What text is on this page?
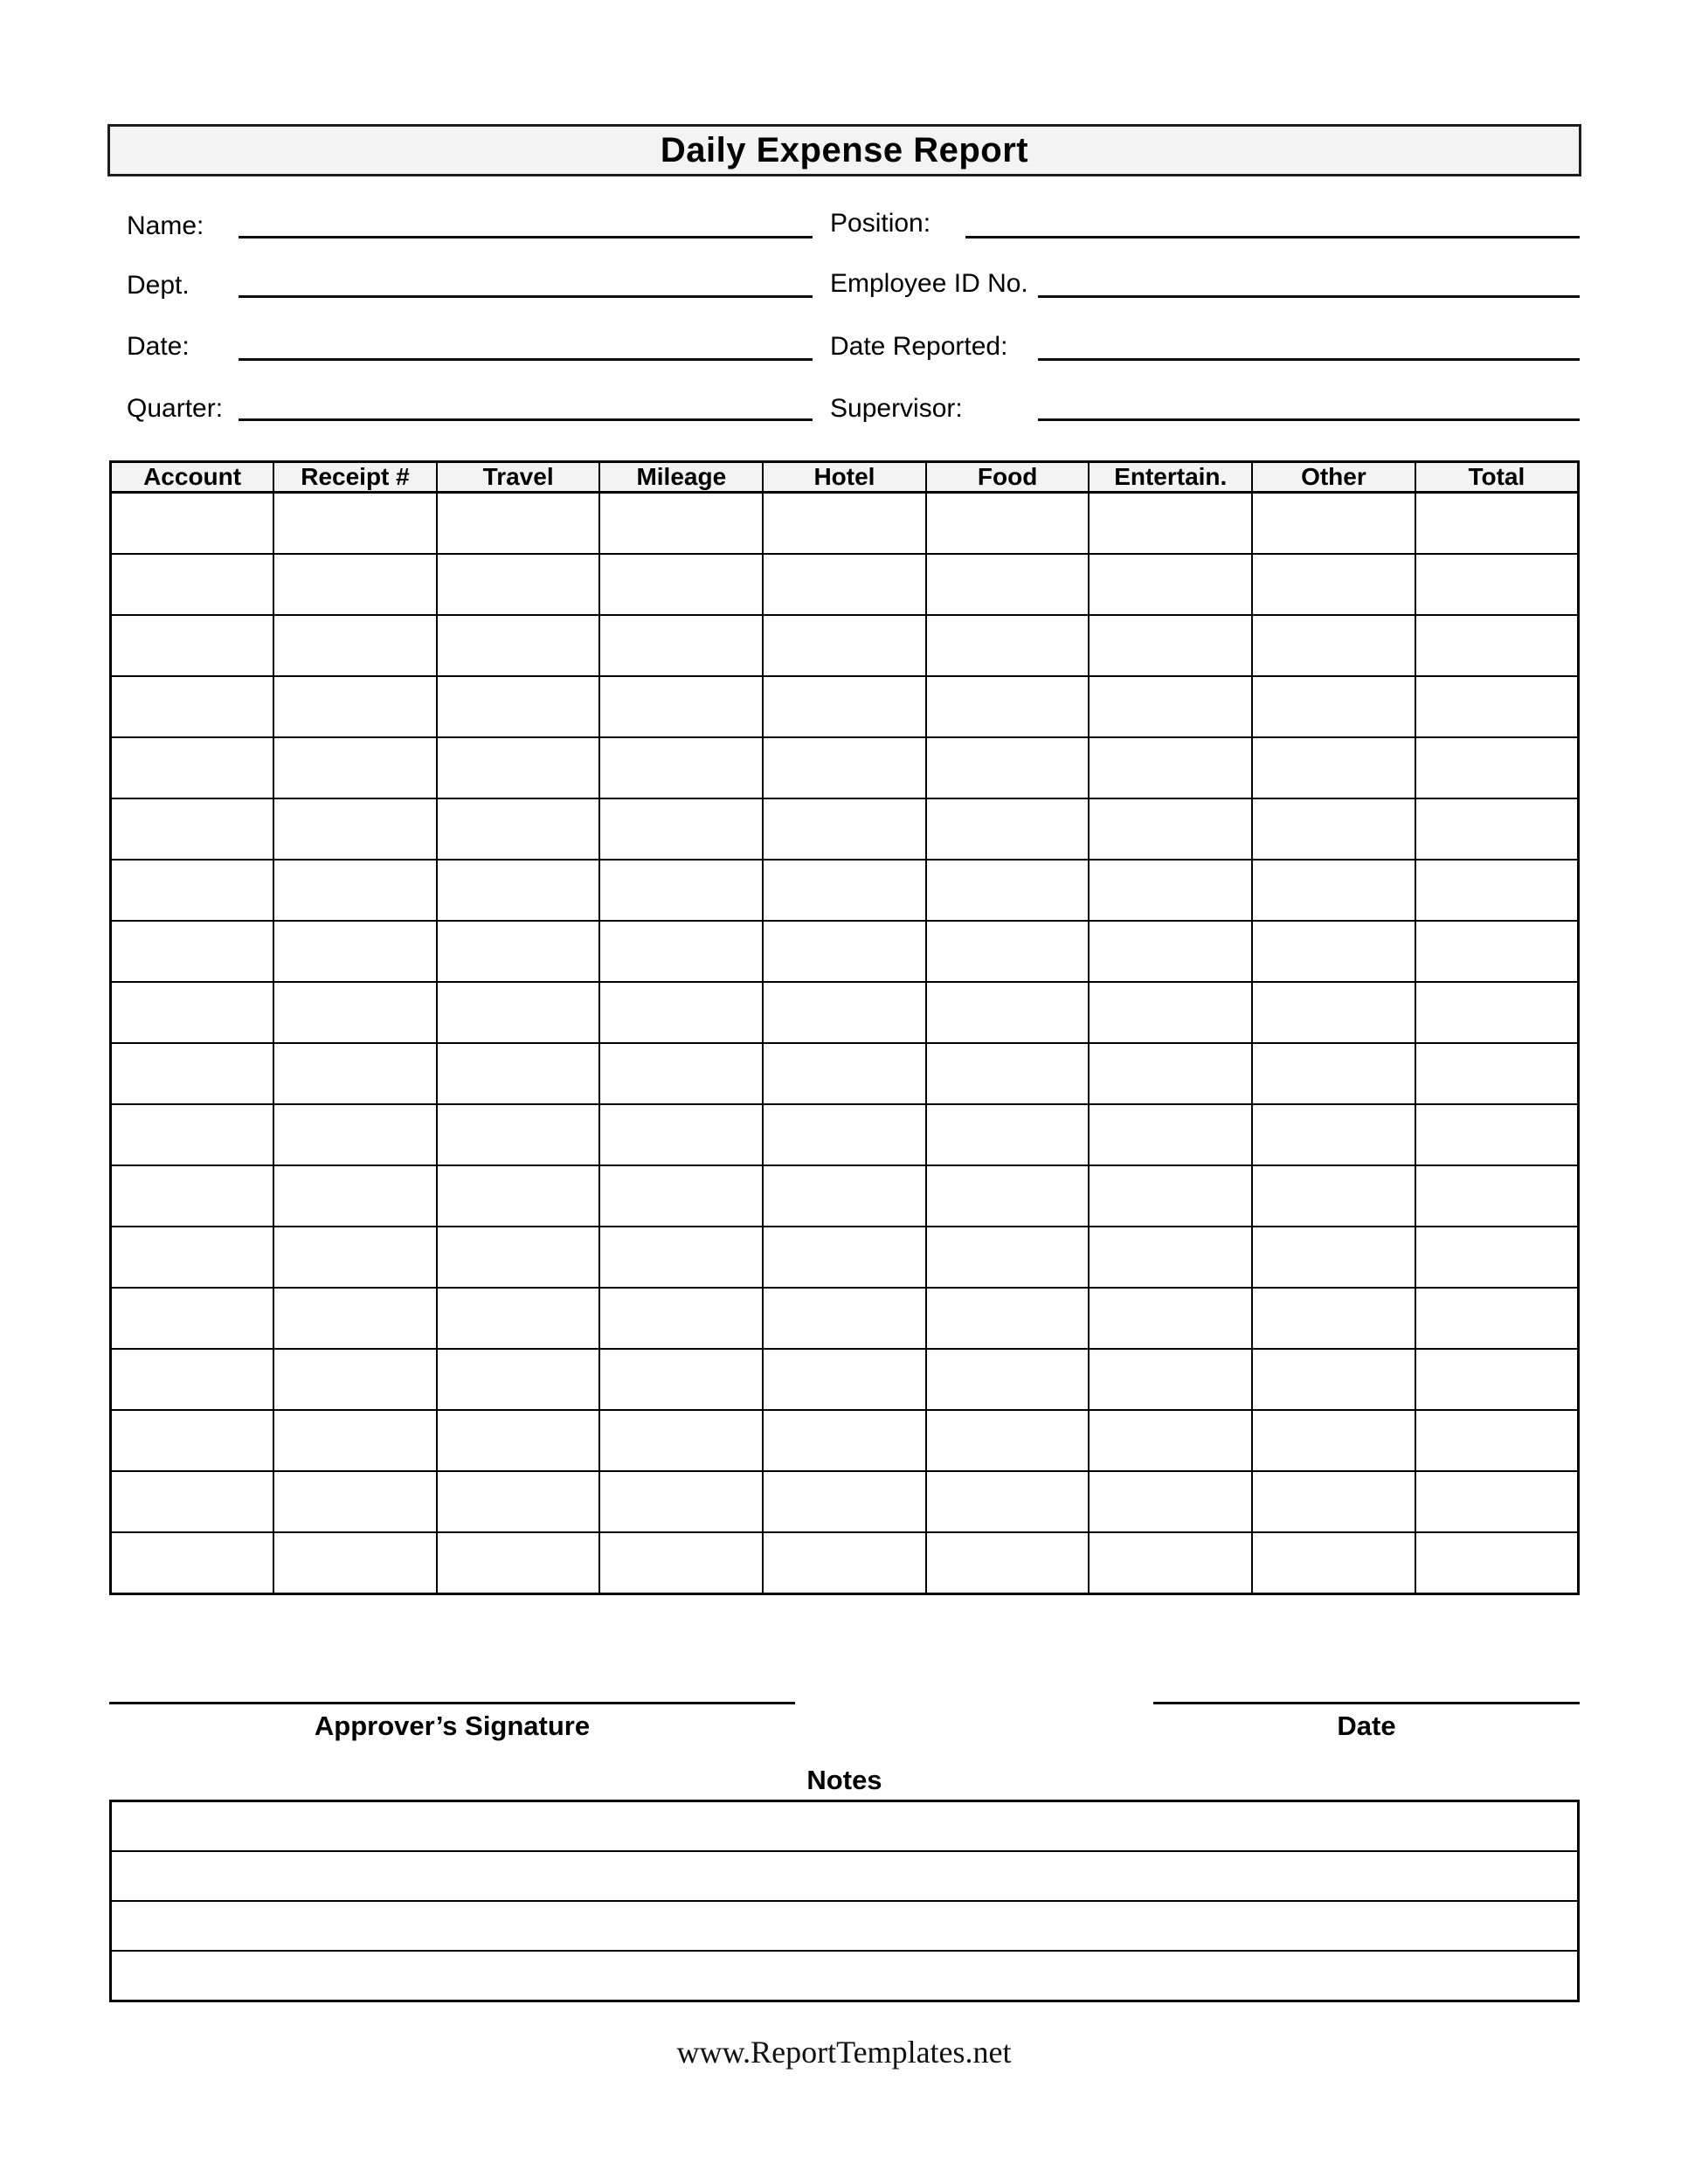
Daily Expense Report
Name:
Dept.
Date:
Quarter:
Position:
Employee ID No.
Date Reported:
Supervisor:
Account	Receipt #	Travel	Mileage	Hotel	Food	Entertain.	Other	Total

Approver’s Signature	Date
Notes
www.ReportTemplates.net
